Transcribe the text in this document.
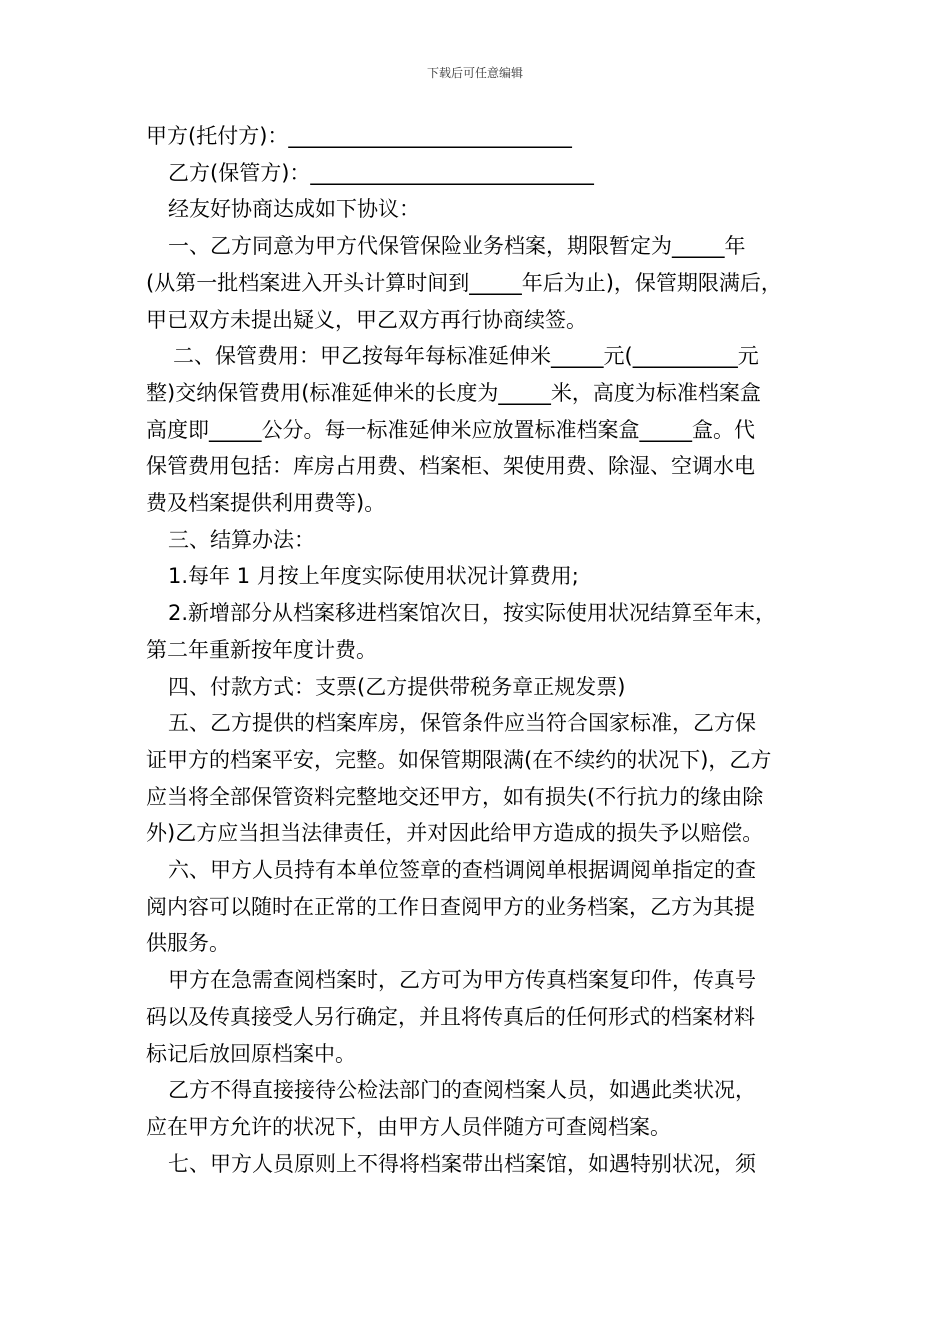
下载后可任意编辑
甲方(托付方)：___________________________
乙方(保管方)：___________________________
经友好协商达成如下协议：
一、乙方同意为甲方代保管保险业务档案，期限暂定为_____年
(从第一批档案进入开头计算时间到_____年后为止)，保管期限满后，
甲已双方未提出疑义，甲乙双方再行协商续签。
二、保管费用：甲乙按每年每标准延伸米_____元(__________元
整)交纳保管费用(标准延伸米的长度为_____米，高度为标准档案盒
高度即_____公分。每一标准延伸米应放置标准档案盒_____盒。代
保管费用包括：库房占用费、档案柜、架使用费、除湿、空调水电
费及档案提供利用费等)。
三、结算办法：
1.每年 1 月按上年度实际使用状况计算费用;
2.新增部分从档案移进档案馆次日，按实际使用状况结算至年末，
第二年重新按年度计费。
四、付款方式：支票(乙方提供带税务章正规发票)
五、乙方提供的档案库房，保管条件应当符合国家标准，乙方保
证甲方的档案平安，完整。如保管期限满(在不续约的状况下)，乙方
应当将全部保管资料完整地交还甲方，如有损失(不行抗力的缘由除
外)乙方应当担当法律责任，并对因此给甲方造成的损失予以赔偿。
六、甲方人员持有本单位签章的查档调阅单根据调阅单指定的查
阅内容可以随时在正常的工作日查阅甲方的业务档案，乙方为其提
供服务。
甲方在急需查阅档案时，乙方可为甲方传真档案复印件，传真号
码以及传真接受人另行确定，并且将传真后的任何形式的档案材料
标记后放回原档案中。
乙方不得直接接待公检法部门的查阅档案人员，如遇此类状况，
应在甲方允许的状况下，由甲方人员伴随方可查阅档案。
七、甲方人员原则上不得将档案带出档案馆，如遇特别状况，须
